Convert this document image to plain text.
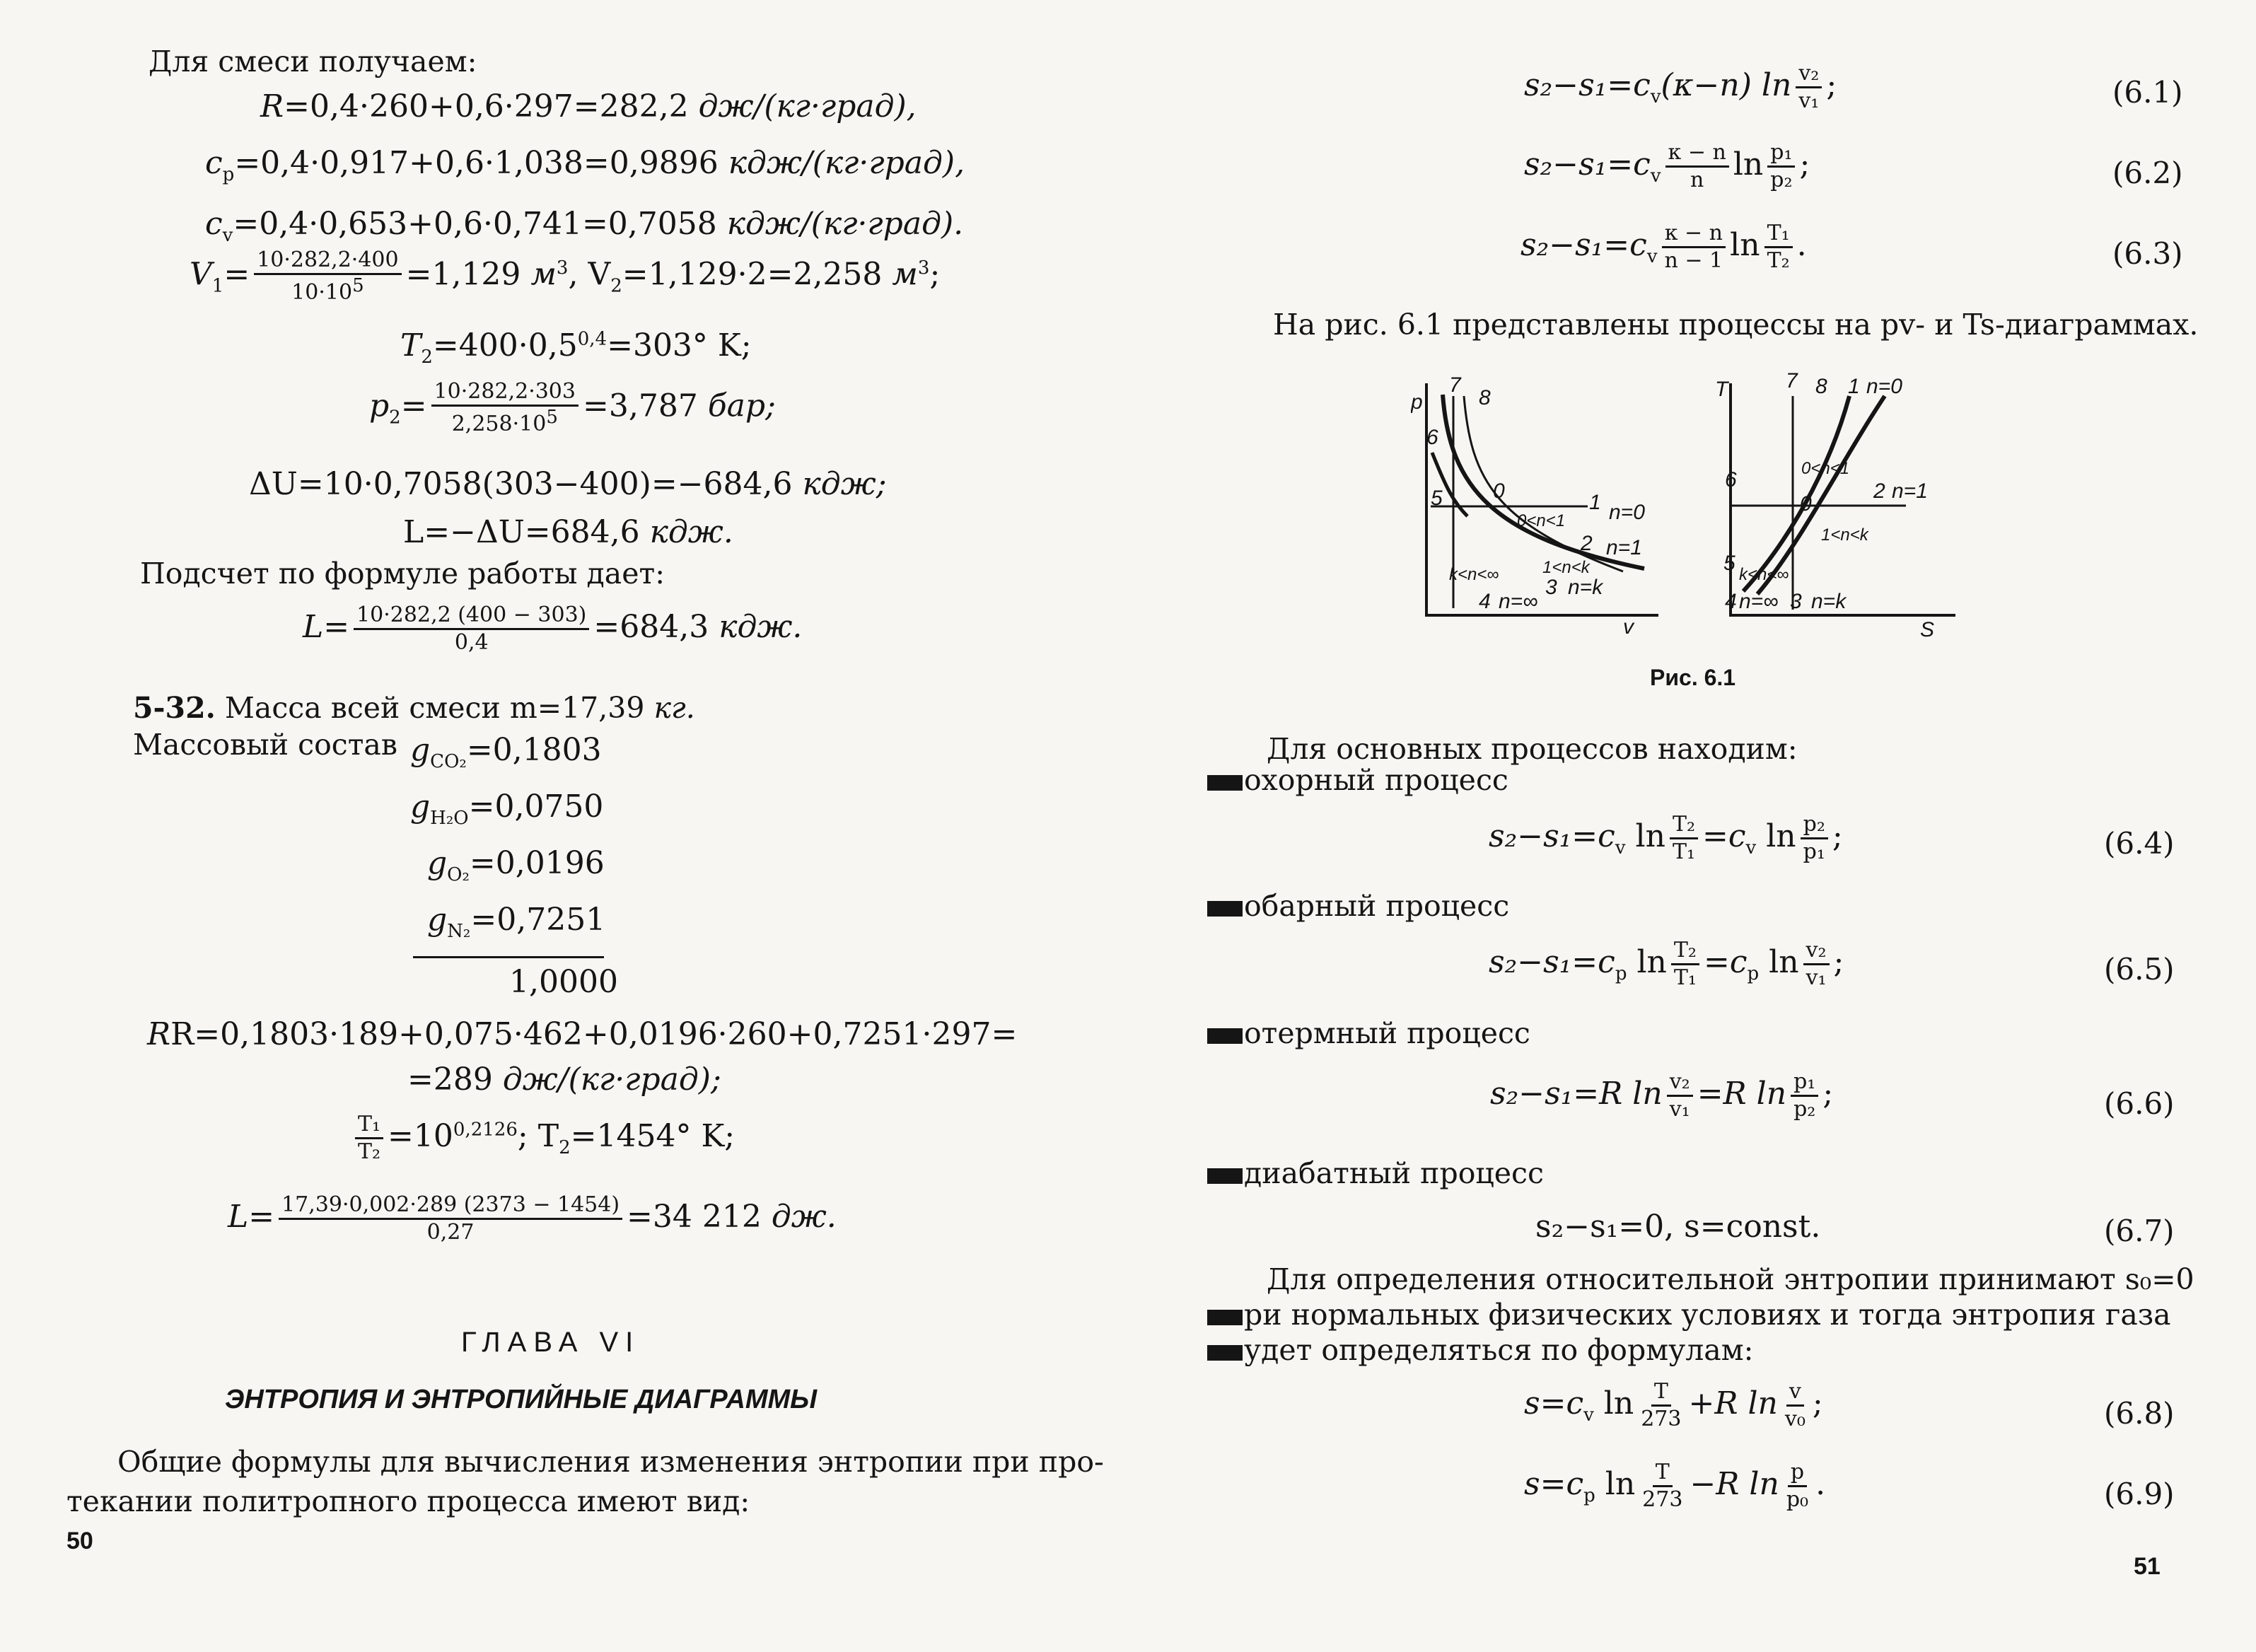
Для смеси получаем:
R=0,4·260+0,6·297=282,2 дж/(кг·град),
$c_p=0,4\cdot 0,917+0,6\cdot 1,038=0,9896$ кдж/(кг·град),
$c_v=0,4\cdot 0,653+0,6\cdot 0,741=0,7058$ кдж/(кг·град).
$V_1= \frac{10\cdot 282,2\cdot 400}{10\cdot 10^5} =1,129$ $м^3$, $V_2=1,129\cdot 2=2,258$ $м^3$;
$T_2=400\cdot 0,5^{0,4}=303^\circ$ K;
$p_2= \frac{10\cdot 282,2\cdot 303}{2,258\cdot 10^5} =3,787$ бар;
ΔU=10·0,7058(303−400)=−684,6 кдж;
L=−ΔU=684,6 кдж.
Подсчет по формуле работы дает:
$L= \frac{10\cdot 282,2 (400 - 303)}{0,4} =684,3$ кдж.
5-32. Масса всей смеси m=17,39 кг.
Массовый состав $g_{CO_2}=0,1803$
$g_{H_2O}=0,0750$
$g_{O_2}=0,0196$
$g_{N_2}=0,7251$
1,0000
RR=0,1803·189+0,075·462+0,0196·260+0,7251·297=
=289 дж/(кг·град);
$\frac{\text{T₁}}{\text{T₂}} =10^{0,2126}$; $T_2=1454^\circ$ K;
$L= \frac{17,39\cdot 0,002\cdot 289 (2373 - 1454)}{0,27} =34$ 212 дж.
ГЛАВА VI
ЭНТРОПИЯ И ЭНТРОПИЙНЫЕ ДИАГРАММЫ
Общие формулы для вычисления изменения энтропии при про-
текании политропного процесса имеют вид:
50
$s_2-s_1=c_v(\kappa-n)$ $\ln \frac{\text{v₂}}{\text{v₁}}$ ;	(6.1)
$s_2-s_1=c_v \frac{\kappa - n}{n}$ $\ln \frac{\text{p₁}}{\text{p₂}}$ ;	(6.2)
$s_2-s_1=c_v \frac{\kappa - n}{n - 1}$ $\ln \frac{\text{T₁}}{\text{T₂}}$ .	(6.3)
На рис. 6.1 представлены процессы на pv- и Ts-диаграммах.
p
v
7
8
6
5 0	1 n=0
0<n<1
2 n=1
1<n<k
k<n<∞
3 n=k
4 n=∞
T
S
7 8 1 n=0
0<n<1
6	2 n=1
0
1<n<k
5 k<n<∞
4 n=∞ 3 n=k
Рис. 6.1
Для основных процессов находим:
охорный процесс
$s_2-s_1=c_v$ $\ln \frac{\text{T₂}}{\text{T₁}} =c_v$ $\ln \frac{\text{p₂}}{\text{p₁}}$ ;	(6.4)
обарный процесс
$s_2-s_1=c_p$ $\ln \frac{\text{T₂}}{\text{T₁}} =c_p$ $\ln \frac{\text{v₂}}{\text{v₁}}$ ;	(6.5)
отермный процесс
s₂−s₁=R $\ln \frac{\text{v₂}}{\text{v₁}} =R$ $\ln \frac{\text{p₁}}{\text{p₂}}$ ;	(6.6)
диабатный процесс
s₂−s₁=0, s=const.	(6.7)
Для определения относительной энтропии принимают s₀=0
ри нормальных физических условиях и тогда энтропия газа
удет определяться по формулам:
$s=c_v$ $\ln \frac{T}{273} +R$ $\ln \frac{v}{\text{v₀}}$ ;	(6.8)
$s=c_p$ $\ln \frac{T}{273} -R$ $\ln \frac{p}{\text{p₀}}$ .	(6.9)
51
